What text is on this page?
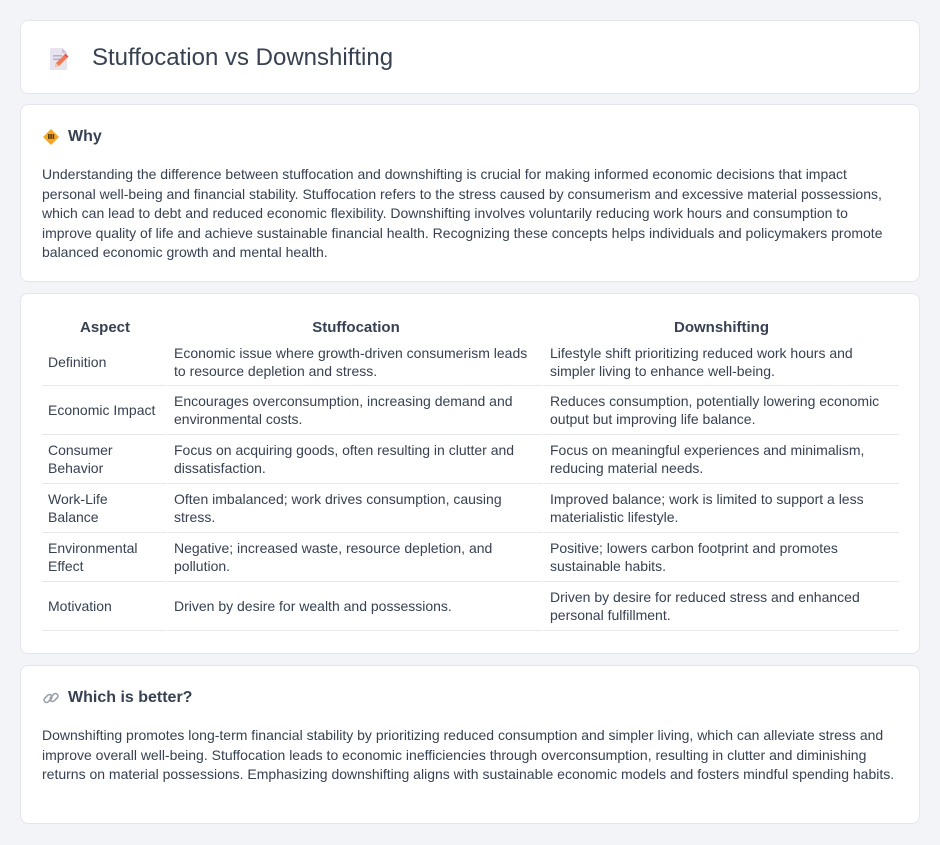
Stuffocation vs Downshifting
Why

Understanding the difference between stuffocation and downshifting is crucial for making informed economic decisions that impact personal well-being and financial stability. Stuffocation refers to the stress caused by consumerism and excessive material possessions, which can lead to debt and reduced economic flexibility. Downshifting involves voluntarily reducing work hours and consumption to improve quality of life and achieve sustainable financial health. Recognizing these concepts helps individuals and policymakers promote balanced economic growth and mental health.

Aspect	Stuffocation	Downshifting
Definition	Economic issue where growth-driven consumerism leads to resource depletion and stress.	Lifestyle shift prioritizing reduced work hours and simpler living to enhance well-being.
Economic Impact	Encourages overconsumption, increasing demand and environmental costs.	Reduces consumption, potentially lowering economic output but improving life balance.
Consumer Behavior	Focus on acquiring goods, often resulting in clutter and dissatisfaction.	Focus on meaningful experiences and minimalism, reducing material needs.
Work-Life Balance	Often imbalanced; work drives consumption, causing stress.	Improved balance; work is limited to support a less materialistic lifestyle.
Environmental Effect	Negative; increased waste, resource depletion, and pollution.	Positive; lowers carbon footprint and promotes sustainable habits.
Motivation	Driven by desire for wealth and possessions.	Driven by desire for reduced stress and enhanced personal fulfillment.
Which is better?

Downshifting promotes long-term financial stability by prioritizing reduced consumption and simpler living, which can alleviate stress and improve overall well-being. Stuffocation leads to economic inefficiencies through overconsumption, resulting in clutter and diminishing returns on material possessions. Emphasizing downshifting aligns with sustainable economic models and fosters mindful spending habits.
